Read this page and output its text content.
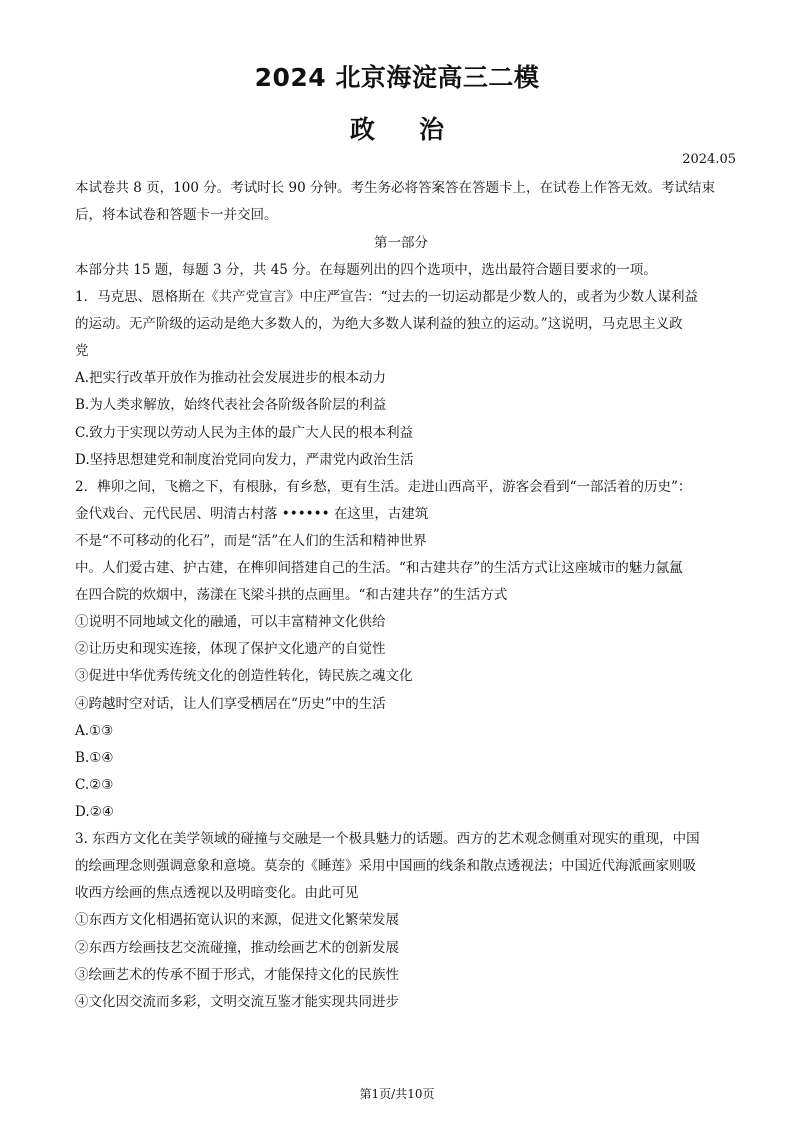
2024 北京海淀高三二模
政 治
2024.05
本试卷共 8 页，100 分。考试时长 90 分钟。考生务必将答案答在答题卡上，在试卷上作答无效。考试结束
后，将本试卷和答题卡一并交回。
第一部分
本部分共 15 题，每题 3 分，共 45 分。在每题列出的四个选项中，选出最符合题目要求的一项。
1．马克思、恩格斯在《共产党宣言》中庄严宣告：“过去的一切运动都是少数人的，或者为少数人谋利益
的运动。无产阶级的运动是绝大多数人的，为绝大多数人谋利益的独立的运动。”这说明，马克思主义政
党
A.把实行改革开放作为推动社会发展进步的根本动力
B.为人类求解放，始终代表社会各阶级各阶层的利益
C.致力于实现以劳动人民为主体的最广大人民的根本利益
D.坚持思想建党和制度治党同向发力，严肃党内政治生活
2．榫卯之间，飞檐之下，有根脉，有乡愁，更有生活。走进山西高平，游客会看到“一部活着的历史”：
金代戏台、元代民居、明清古村落 •••••• 在这里，古建筑
不是“不可移动的化石”，而是“活”在人们的生活和精神世界
中。人们爱古建、护古建，在榫卯间搭建自己的生活。“和古建共存”的生活方式让这座城市的魅力氤氲
在四合院的炊烟中，荡漾在飞梁斗拱的点画里。“和古建共存”的生活方式
①说明不同地域文化的融通，可以丰富精神文化供给
②让历史和现实连接，体现了保护文化遗产的自觉性
③促进中华优秀传统文化的创造性转化，铸民族之魂文化
④跨越时空对话，让人们享受栖居在“历史”中的生活
A.①③
B.①④
C.②③
D.②④
3. 东西方文化在美学领域的碰撞与交融是一个极具魅力的话题。西方的艺术观念侧重对现实的重现，中国
的绘画理念则强调意象和意境。莫奈的《睡莲》采用中国画的线条和散点透视法；中国近代海派画家则吸
收西方绘画的焦点透视以及明暗变化。由此可见
①东西方文化相遇拓宽认识的来源，促进文化繁荣发展
②东西方绘画技艺交流碰撞，推动绘画艺术的创新发展
③绘画艺术的传承不囿于形式，才能保持文化的民族性
④文化因交流而多彩，文明交流互鉴才能实现共同进步
第1页/共10页
